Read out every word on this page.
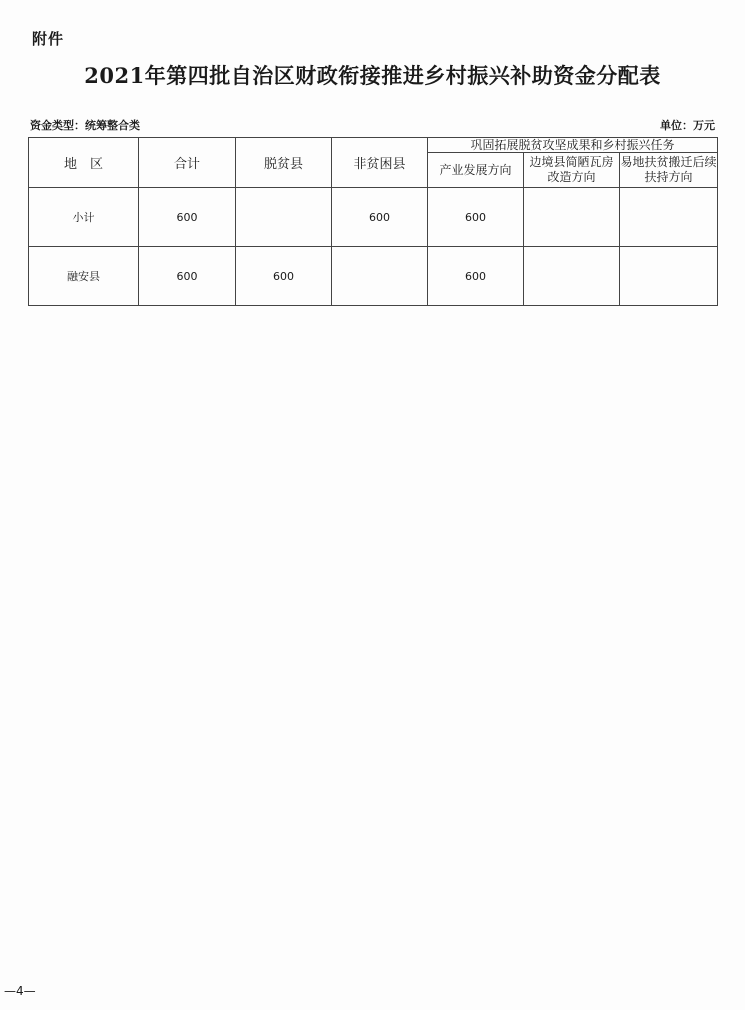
附件
2021年第四批自治区财政衔接推进乡村振兴补助资金分配表
资金类型：统筹整合类	单位：万元
地　区	合计	脱贫县	非贫困县	巩固拓展脱贫攻坚成果和乡村振兴任务		
				产业发展方向	边境县简陋瓦房改造方向	易地扶贫搬迁后续扶持方向
小计	600		600	600		
融安县	600	600		600		
—4—
